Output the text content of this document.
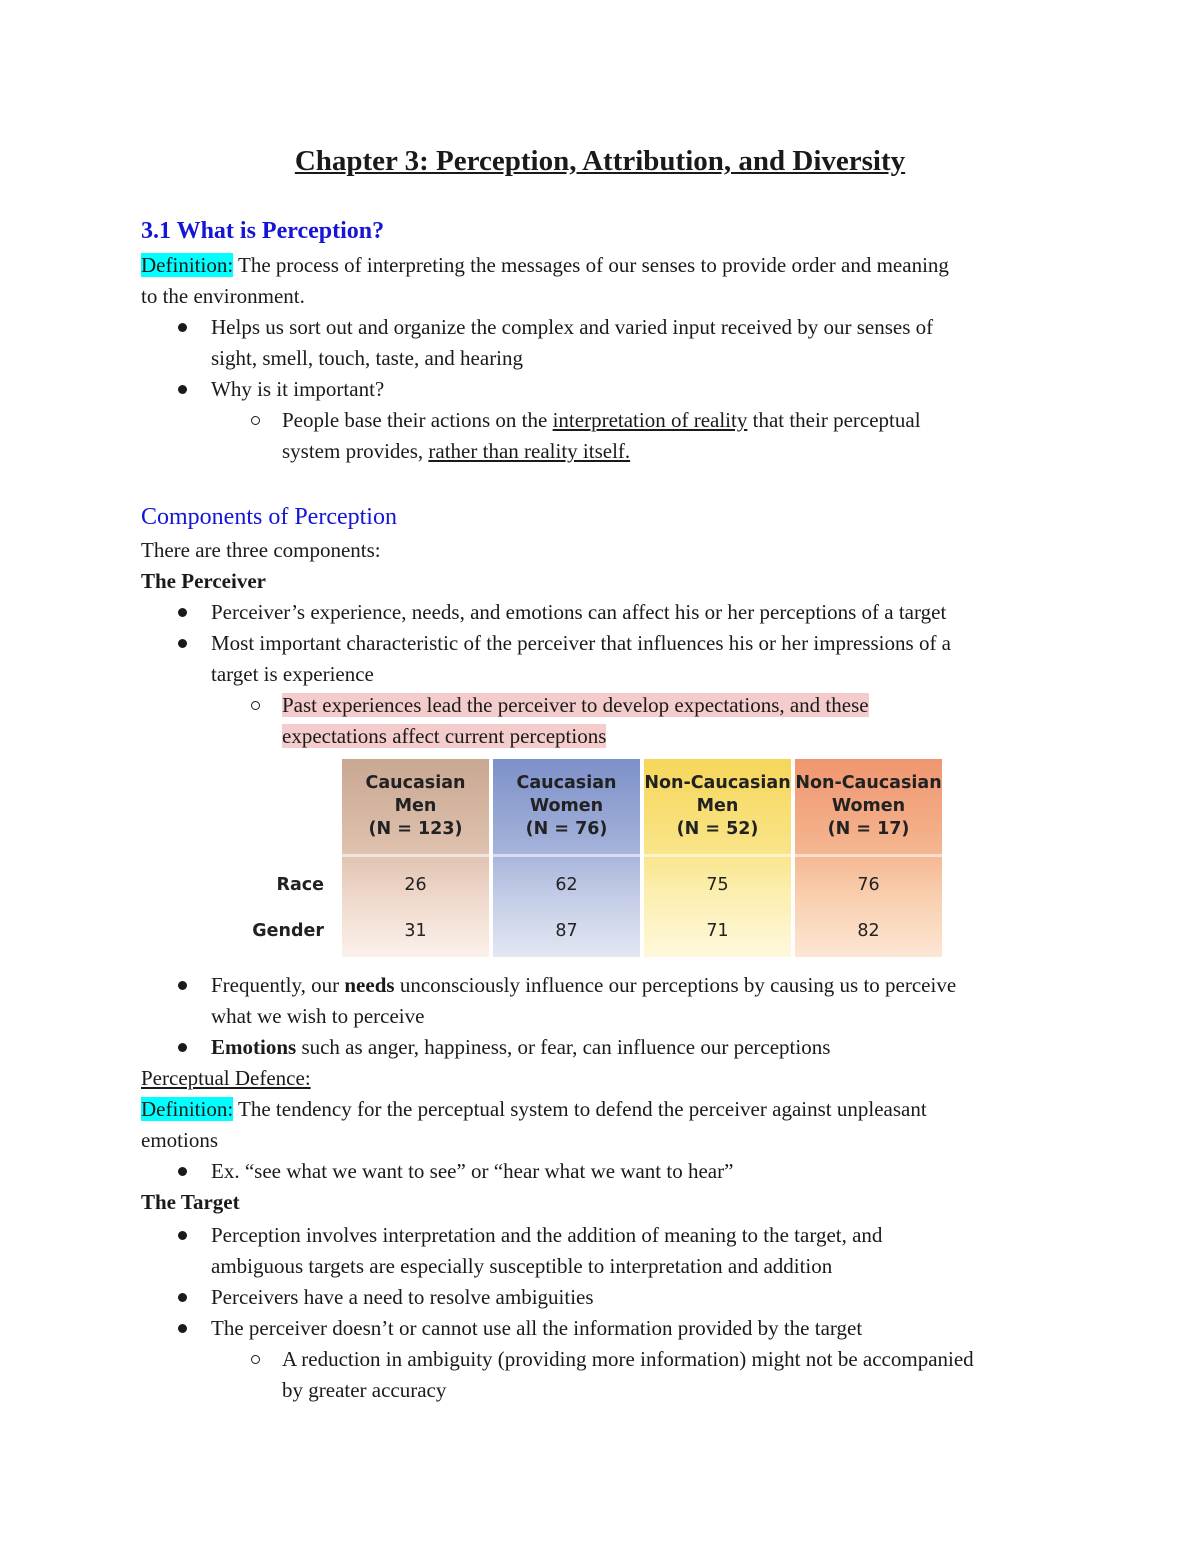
Chapter 3: Perception, Attribution, and Diversity
3.1 What is Perception?
Definition: The process of interpreting the messages of our senses to provide order and meaning
to the environment.
Helps us sort out and organize the complex and varied input received by our senses of
sight, smell, touch, taste, and hearing
Why is it important?
People base their actions on the interpretation of reality that their perceptual
system provides, rather than reality itself.
Components of Perception
There are three components:
The Perceiver
Perceiver’s experience, needs, and emotions can affect his or her perceptions of a target
Most important characteristic of the perceiver that influences his or her impressions of a
target is experience
Past experiences lead the perceiver to develop expectations, and these
expectations affect current perceptions
Race
Gender
Caucasian
Men
(N = 123)
26
31
Caucasian
Women
(N = 76)
62
87
Non-Caucasian
Men
(N = 52)
75
71
Non-Caucasian
Women
(N = 17)
76
82
Frequently, our needs unconsciously influence our perceptions by causing us to perceive
what we wish to perceive
Emotions such as anger, happiness, or fear, can influence our perceptions
Perceptual Defence:
Definition: The tendency for the perceptual system to defend the perceiver against unpleasant
emotions
Ex. “see what we want to see” or “hear what we want to hear”
The Target
Perception involves interpretation and the addition of meaning to the target, and
ambiguous targets are especially susceptible to interpretation and addition
Perceivers have a need to resolve ambiguities
The perceiver doesn’t or cannot use all the information provided by the target
A reduction in ambiguity (providing more information) might not be accompanied
by greater accuracy
